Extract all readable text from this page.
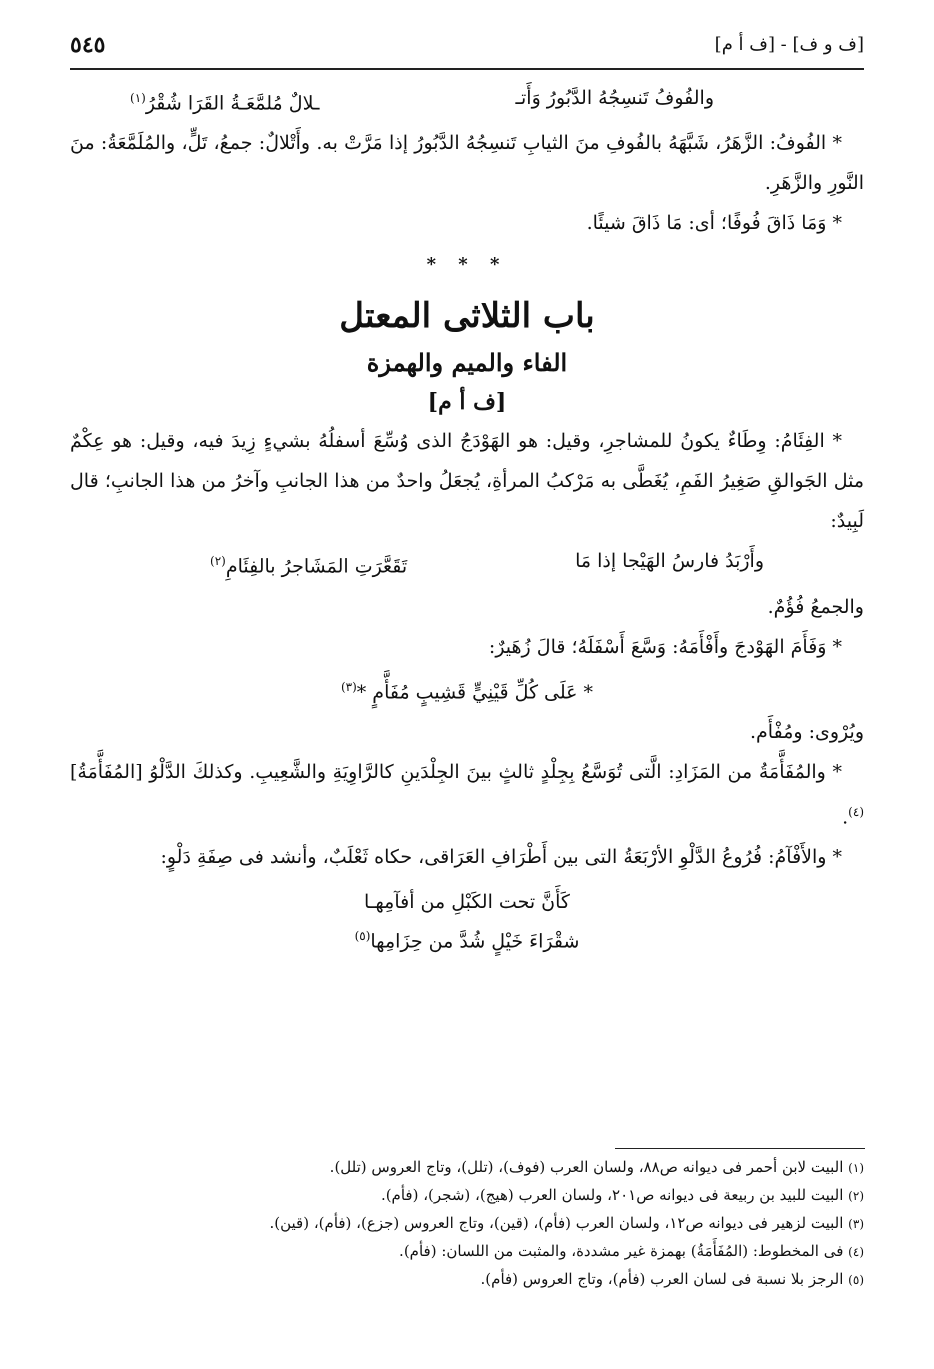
[ف و ف] - [ف أ م]
٥٤٥
والفُوفُ تَنسِجُهُ الدَّبُورُ وَأَتـ
ـلالٌ مُلمَّعَـةُ القَرَا شُقْرُ$^{(١)}$

* الفُوفُ: الزَّهَرُ، شَبَّهَهُ بالفُوفِ منَ الثيابِ تَنسِجُهُ الدَّبُورُ إذا مَرَّتْ به. وأَتْلالٌ: جمعُ، تَلٍّ، والمُلَمَّعَةُ: منَ النَّورِ والزَّهَرِ.

* وَمَا ذَاقَ فُوفًا؛ أى: مَا ذَاقَ شيئًا.

* * *
باب الثلاثى المعتل
الفاء والميم والهمزة
[ف أ م]

* الفِئَامُ: وِطَاءٌ يكونُ للمشاجرِ، وقيل: هو الهَوْدَجُ الذى وُسِّعَ أسفلُهُ بشيءٍ زِيدَ فيه، وقيل: هو عِكْمٌ مثل الجَوالقِ صَغِيرُ الفَمِ، يُغَطَّى به مَرْكبُ المرأةِ، يُجعَلُ واحدٌ من هذا الجانبِ وآخرُ من هذا الجانبِ؛ قال لَبِيدٌ:

وأَرْبَدُ فارسُ الهَيْجا إذا مَا
تَقَعَّرَتِ المَشَاجرُ بالفِئَامِ$^{(٢)}$

والجمعُ فُؤُمٌ.

* وَفَأَمَ الهَوْدجَ وأَفْأَمَهُ: وَسَّعَ أَسْفَلَهُ؛ قالَ زُهَيرٌ:

* عَلَى كُلِّ قَيْنِيٍّ قَشِيبٍ مُفَأَّمٍ *$^{(٣)}$

ويُرْوى: ومُفْأَم.

* والمُفَأَّمَةُ من المَزَادِ: الَّتى تُوَسَّعُ بِجِلْدٍ ثالثٍ بينَ الجِلْدَينِ كالرَّاوِيَةِ والشَّعِيبِ. وكذلكَ الدَّلْوُ [المُفَأَّمَةُ]$^{(٤)}$.

* والأَفْآمُ: فُرُوعُ الدَّلْوِ الأرْبَعَةُ التى بين أَطْرَافِ العَرَاقى، حكاه ثَعْلَبٌ، وأنشد فى صِفَةِ دَلْوٍ:

كَأَنَّ تحت الكَبْلِ من أفآمِهـا
شقْرَاءَ خَيْلٍ شُدَّ من حِزَامِها$^{(٥)}$

(١) البيت لابن أحمر فى ديوانه ص٨٨، ولسان العرب (فوف)، (تلل)، وتاج العروس (تلل).

(٢) البيت للبيد بن ربيعة فى ديوانه ص٢٠١، ولسان العرب (هيج)، (شجر)، (فأم).

(٣) البيت لزهير فى ديوانه ص١٢، ولسان العرب (فأم)، (قين)، وتاج العروس (جزع)، (فأم)، (قين).

(٤) فى المخطوط: (المُفَأَمَةُ) بهمزة غير مشددة، والمثبت من اللسان: (فأم).

(٥) الرجز بلا نسبة فى لسان العرب (فأم)، وتاج العروس (فأم).
